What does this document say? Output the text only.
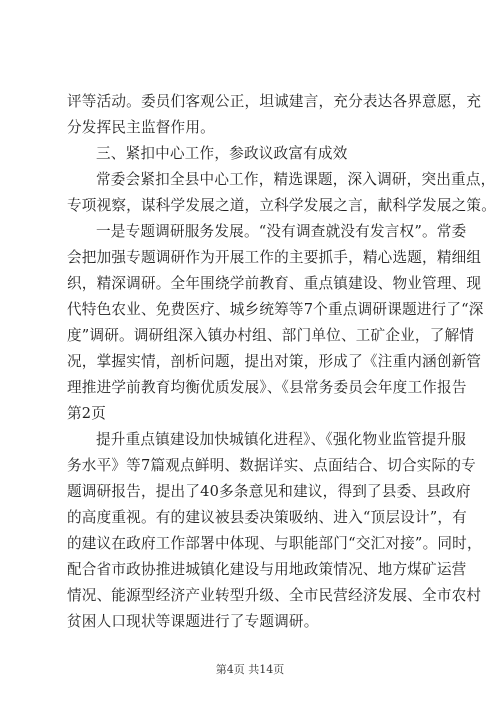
评等活动。委员们客观公正，坦诚建言，充分表达各界意愿，充
分发挥民主监督作用。
三、紧扣中心工作，参政议政富有成效
常委会紧扣全县中心工作，精选课题，深入调研，突出重点，
专项视察，谋科学发展之道，立科学发展之言，献科学发展之策。
一是专题调研服务发展。“没有调查就没有发言权”。常委
会把加强专题调研作为开展工作的主要抓手，精心选题，精细组
织，精深调研。全年围绕学前教育、重点镇建设、物业管理、现
代特色农业、免费医疗、城乡统筹等7个重点调研课题进行了“深
度”调研。调研组深入镇办村组、部门单位、工矿企业，了解情
况，掌握实情，剖析问题，提出对策，形成了《注重内涵创新管
理推进学前教育均衡优质发展》、《县常务委员会年度工作报告
第2页
提升重点镇建设加快城镇化进程》、《强化物业监管提升服
务水平》等7篇观点鲜明、数据详实、点面结合、切合实际的专
题调研报告，提出了40多条意见和建议，得到了县委、县政府
的高度重视。有的建议被县委决策吸纳、进入“顶层设计”，有
的建议在政府工作部署中体现、与职能部门“交汇对接”。同时，
配合省市政协推进城镇化建设与用地政策情况、地方煤矿运营
情况、能源型经济产业转型升级、全市民营经济发展、全市农村
贫困人口现状等课题进行了专题调研。
第4页 共14页
